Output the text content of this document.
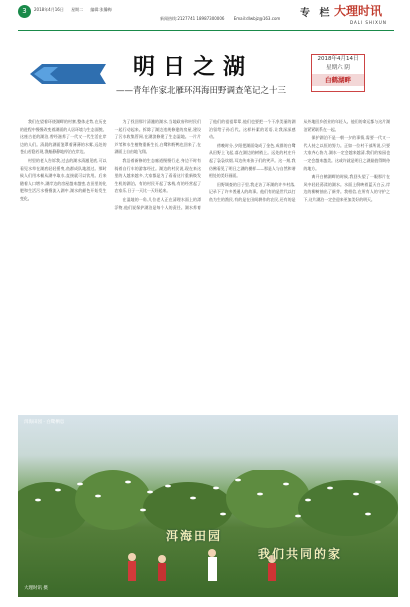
3	2018年4月16日 星期二 编辑:张馨梅
新闻热线:2127741 18987300006 Email:dlwbjz@163.com	专 栏 大理时讯
DALI SHIXUN
连 载 明日之湖
——青年作家北雁环洱海田野调查笔记之十三
2018年4月14日
星期六 阴
白鹤湖畔

我们在望着环绕湖畔的村寨,整体走势,在历史的进程中慢慢改变着湖面的人居环境与生态面貌。这座古老的湖泊,曾经滋养了一代又一代生活在岸边的人们。清晨的湖面笼罩着薄薄的水雾,远处的苍山若隐若现,渔船静静地停泊在岸边。

村里的老人告诉我,过去的湖水清澈见底,可以看见水草在湖底轻轻摇曳,鱼群成队地游过。那时候人们用木桶从湖中取水,直接就可以饮用。后来随着人口增多,湖岸边的房屋越来越密,农田里的化肥和生活污水慢慢流入湖中,湖水的颜色开始发生变化。

为了找回那片清澈的湖水,当地政府和村民们一起行动起来。拆除了湖边违规修建的房屋,建设了污水收集管网,在湖滨修建了生态湿地。一片片芦苇和水生植物重新生长,白鹭和野鸭也回来了,在湖面上自由地飞翔。

我沿着新修的生态廊道慢慢行走,身边不时有骑着自行车的游客经过。湖边的村民说,现在来这里的人越来越多,大家都是为了看看这片重新焕发生机的湖泊。有的村民开起了客栈,有的经营起了农家乐,日子一天比一天好起来。

在湿地的一角,几位老人正在清理水面上的漂浮物,他们说保护湖泊是每个人的责任。湖水养育了他们的祖祖辈辈,他们也要把一个干净美丽的湖泊留给子孙后代。这样朴素的话语,让我深深感动。

傍晚时分,夕阳把湖面染成了金色,成群的白鹭从田野上飞起,落在湖边的树梢上。远处的村庄升起了袅袅炊烟,耳边传来孩子们的笑声。这一刻,我仿佛看见了明日之湖的模样——那是人与自然和谐相处的美好画面。

田野调查的日子里,我走访了环湖的许多村落,记录下了许多普通人的故事。他们有的是世代以打鱼为生的渔民,有的是在田间耕作的农民,还有的是从外地回乡创业的年轻人。他们的命运都与这片湖泊紧紧联系在一起。

保护湖泊不是一朝一夕的事情,需要一代又一代人持之以恒的努力。正如一位村干部所说,只要大家齐心协力,湖水一定会越来越清,我们的家园也一定会越来越美。这或许就是明日之湖最值得期待的地方。

离开白鹤湖畔的时候,我回头望了一眼那片在风中轻轻荡漾的湖水。水面上倒映着蓝天白云,岸边的柳树抽出了新芽。我相信,在所有人的守护之下,这片湖泊一定会迎来更加美好的明天。

洱海田园 · 白鹭栖息
洱海田园
我们共同的家
大理时讯 摄
